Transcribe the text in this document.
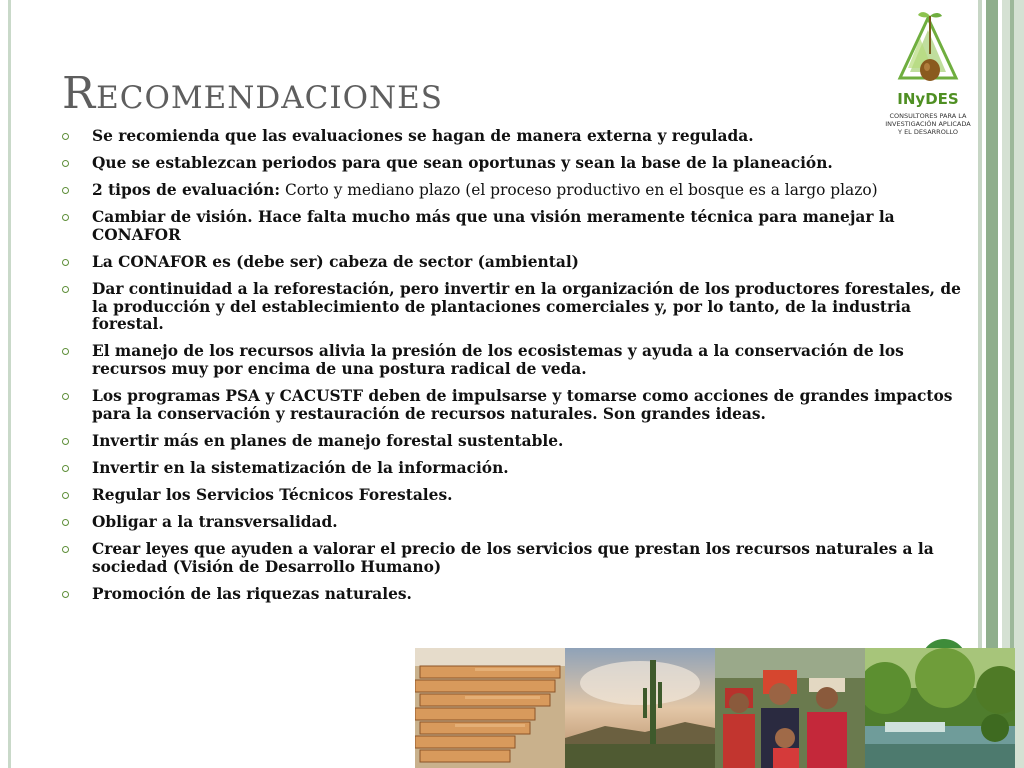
Recomendaciones	INyDES
CONSULTORES PARA LA
INVESTIGACIÓN APLICADA
Y EL DESARROLLO
Se recomienda que las evaluaciones se hagan de manera externa y regulada.
Que se establezcan periodos para que sean oportunas y sean la base de la planeación.
2 tipos de evaluación: Corto y mediano plazo (el proceso productivo en el bosque es a largo plazo)
Cambiar de visión. Hace falta mucho más que una visión meramente técnica para manejar la CONAFOR
La CONAFOR es (debe ser) cabeza de sector (ambiental)
Dar continuidad a la reforestación, pero invertir en la organización de los productores forestales, de la producción y del establecimiento de plantaciones comerciales y, por lo tanto, de la industria forestal.
El manejo de los recursos alivia la presión de los ecosistemas y ayuda a la conservación de los recursos muy por encima de una postura radical de veda.
Los programas PSA y CACUSTF deben de impulsarse y tomarse como acciones de grandes impactos para la conservación y restauración de recursos naturales. Son grandes ideas.
Invertir más en planes de manejo forestal sustentable.
Invertir en la sistematización de la información.
Regular los Servicios Técnicos Forestales.
Obligar a la transversalidad.
Crear leyes que ayuden a valorar el precio de los servicios que prestan los recursos naturales a la sociedad (Visión de Desarrollo Humano)
Promoción de las riquezas naturales.
